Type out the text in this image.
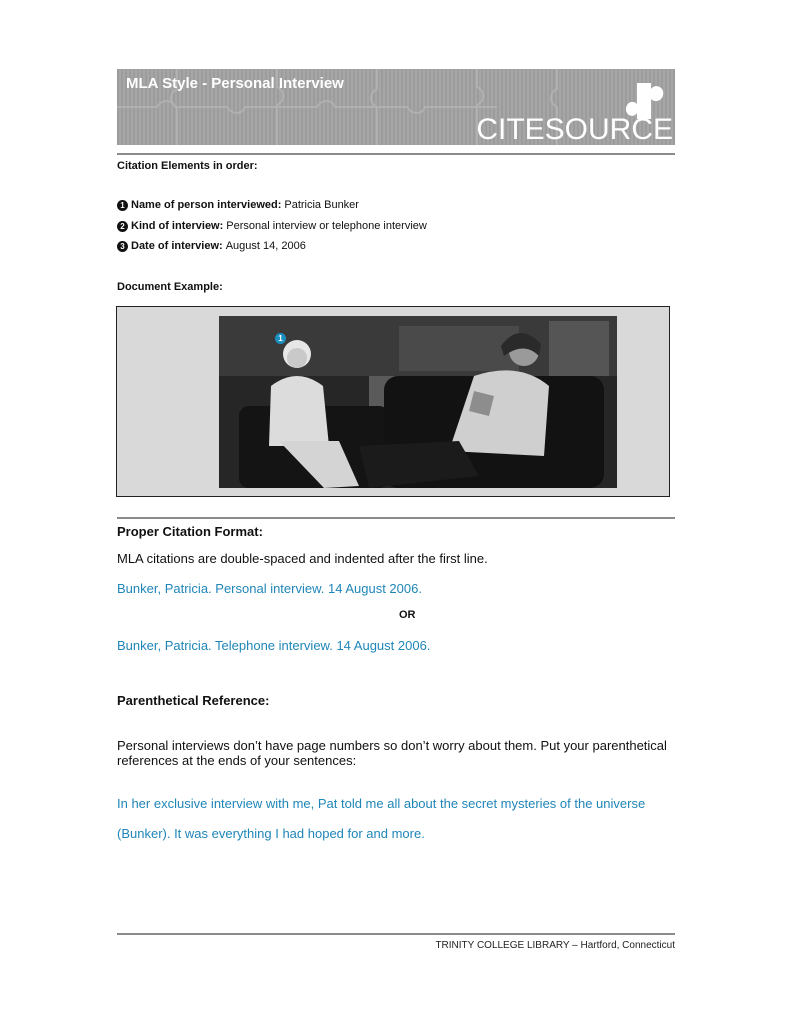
MLA Style - Personal Interview
CITESOURCE
Citation Elements in order:
1 Name of person interviewed: Patricia Bunker
2 Kind of interview: Personal interview or telephone interview
3 Date of interview: August 14, 2006
Document Example:
1
Proper Citation Format:
MLA citations are double-spaced and indented after the first line.
Bunker, Patricia. Personal interview. 14 August 2006.
OR
Bunker, Patricia. Telephone interview. 14 August 2006.
Parenthetical Reference:
Personal interviews don’t have page numbers so don’t worry about them. Put your parenthetical references at the ends of your sentences:
In her exclusive interview with me, Pat told me all about the secret mysteries of the universe
(Bunker). It was everything I had hoped for and more.
TRINITY COLLEGE LIBRARY – Hartford, Connecticut
